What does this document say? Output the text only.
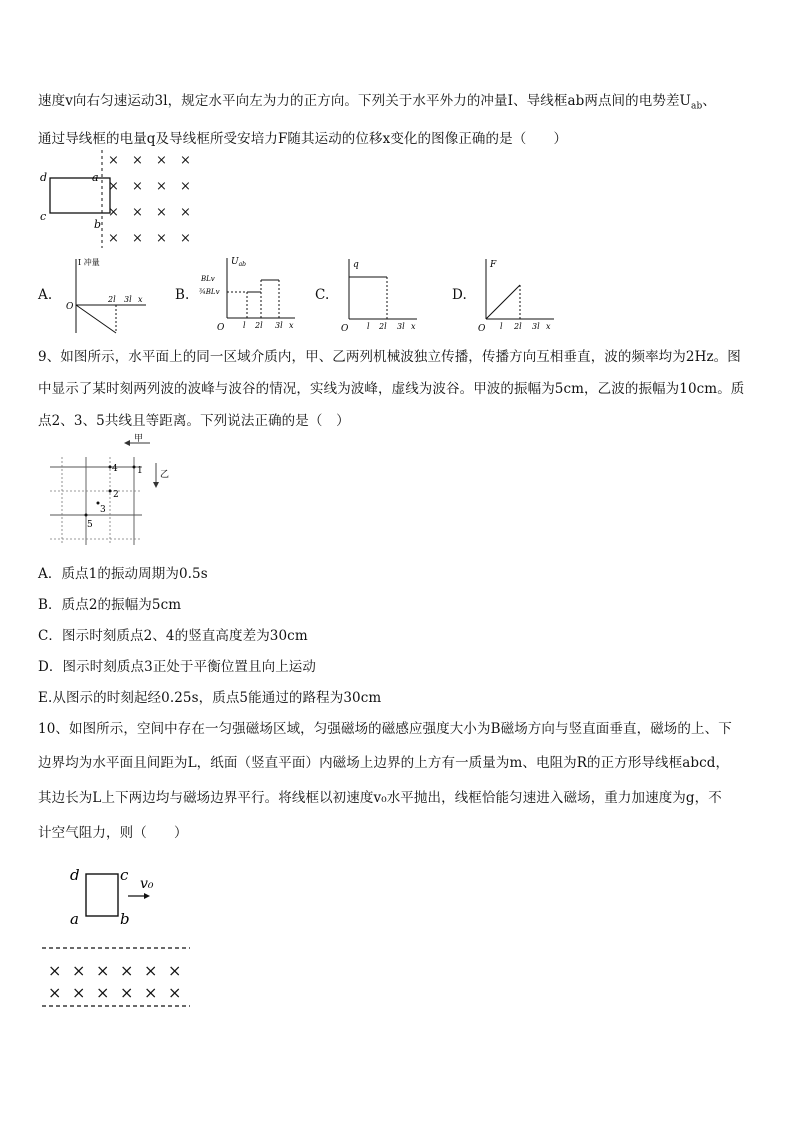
速度v向右匀速运动3l，规定水平向左为力的正方向。下列关于水平外力的冲量I、导线框ab两点间的电势差$U_{ab}$、
通过导线框的电量q及导线框所受安培力F随其运动的位移x变化的图像正确的是（　　）
d	a
c
b
× × × ×
× × × ×
× × × ×
× × × ×
A.
I 冲量
O
2l 3l x B.
$U_{ab}$
BLv
¾BLv
O l 2l 3l x
C.
q
O l 2l 3l x
D.
F
O l 2l 3l x
9、如图所示，水平面上的同一区域介质内，甲、乙两列机械波独立传播，传播方向互相垂直，波的频率均为2Hz。图
中显示了某时刻两列波的波峰与波谷的情况，实线为波峰，虚线为波谷。甲波的振幅为5cm，乙波的振幅为10cm。质
点2、3、5共线且等距离。下列说法正确的是（　）
甲
乙
1
4
2
3
5
A．质点1的振动周期为0.5s
B．质点2的振幅为5cm
C．图示时刻质点2、4的竖直高度差为30cm
D．图示时刻质点3正处于平衡位置且向上运动
E.从图示的时刻起经0.25s，质点5能通过的路程为30cm
10、如图所示，空间中存在一匀强磁场区域，匀强磁场的磁感应强度大小为B磁场方向与竖直面垂直，磁场的上、下
边界均为水平面且间距为L，纸面（竖直平面）内磁场上边界的上方有一质量为m、电阻为R的正方形导线框abcd，
其边长为L上下两边均与磁场边界平行。将线框以初速度v₀水平抛出，线框恰能匀速进入磁场，重力加速度为g，不
计空气阻力，则（　　）
d	c
a	b
v₀
× × × × × ×
× × × × × ×
